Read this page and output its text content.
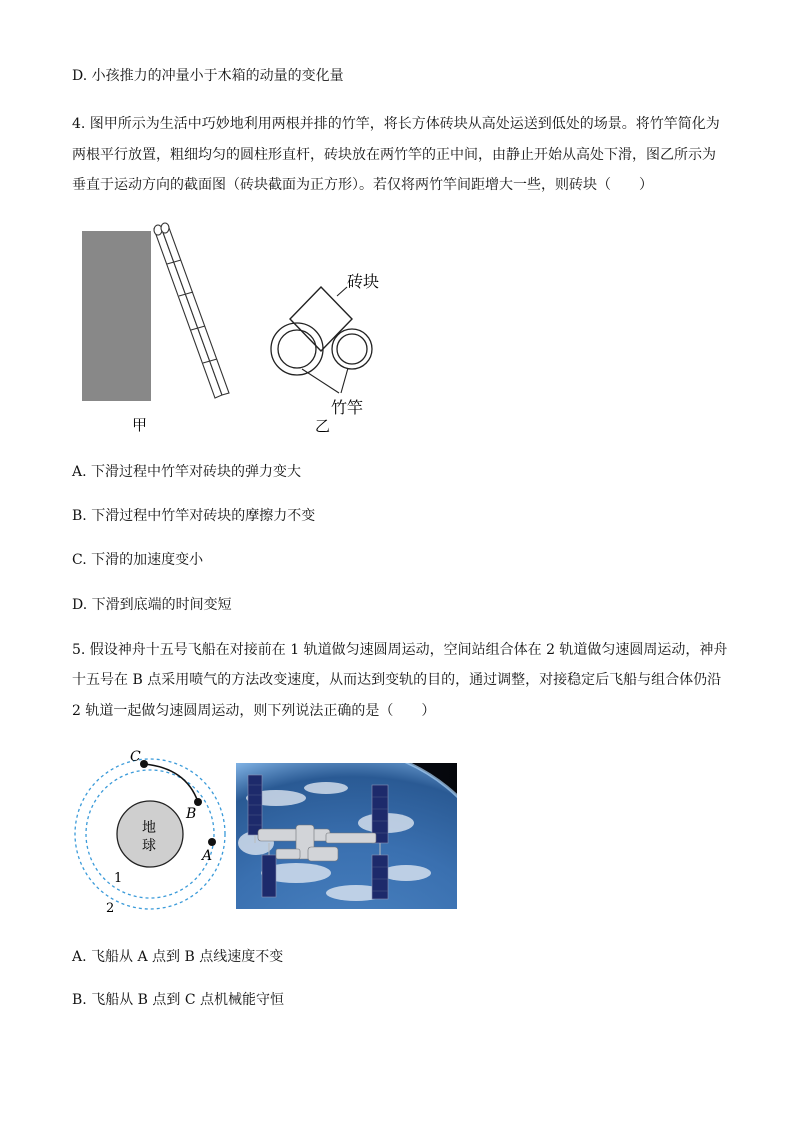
D. 小孩推力的冲量小于木箱的动量的变化量
4. 图甲所示为生活中巧妙地利用两根并排的竹竿，将长方体砖块从高处运送到低处的场景。将竹竿简化为
两根平行放置，粗细均匀的圆柱形直杆，砖块放在两竹竿的正中间，由静止开始从高处下滑，图乙所示为
垂直于运动方向的截面图（砖块截面为正方形）。若仅将两竹竿间距增大一些，则砖块（　　）
甲
砖块
竹竿
乙
A. 下滑过程中竹竿对砖块的弹力变大
B. 下滑过程中竹竿对砖块的摩擦力不变
C. 下滑的加速度变小
D. 下滑到底端的时间变短
5. 假设神舟十五号飞船在对接前在 1 轨道做匀速圆周运动，空间站组合体在 2 轨道做匀速圆周运动，神舟
十五号在 B 点采用喷气的方法改变速度，从而达到变轨的目的，通过调整，对接稳定后飞船与组合体仍沿
2 轨道一起做匀速圆周运动，则下列说法正确的是（　　）
地
球
C
B
A
1
2
A. 飞船从 A 点到 B 点线速度不变
B. 飞船从 B 点到 C 点机械能守恒
